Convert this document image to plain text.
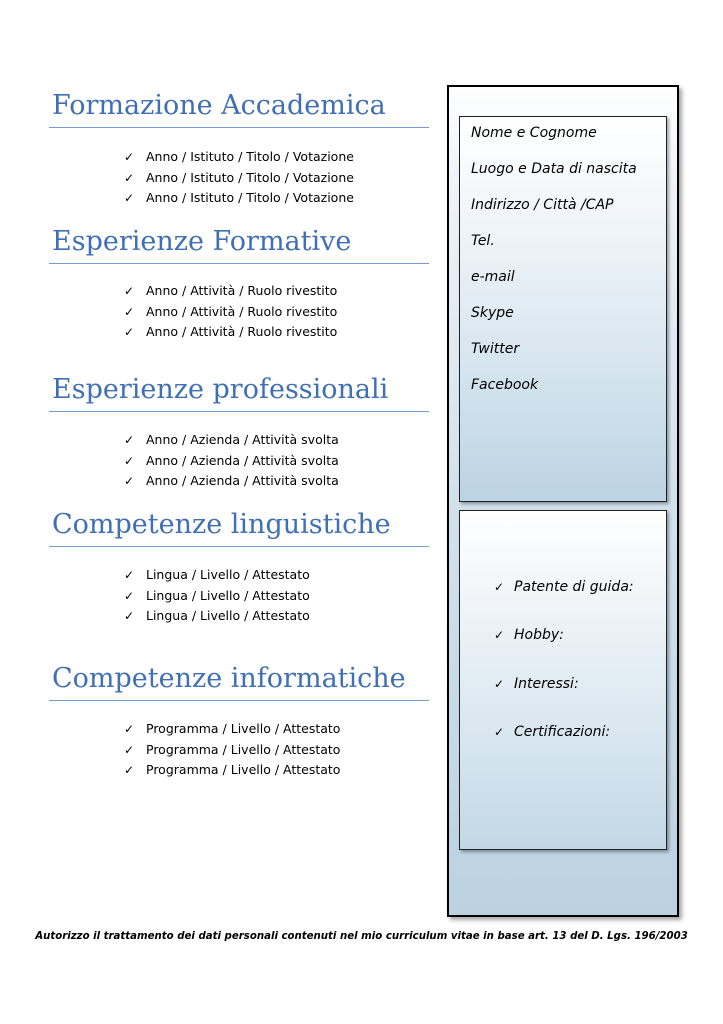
Formazione Accademica
✓ Anno / Istituto / Titolo / Votazione
✓ Anno / Istituto / Titolo / Votazione
✓ Anno / Istituto / Titolo / Votazione
Esperienze Formative
✓ Anno / Attività / Ruolo rivestito
✓ Anno / Attività / Ruolo rivestito
✓ Anno / Attività / Ruolo rivestito
Esperienze professionali
✓ Anno / Azienda / Attività svolta
✓ Anno / Azienda / Attività svolta
✓ Anno / Azienda / Attività svolta
Competenze linguistiche
✓ Lingua / Livello / Attestato
✓ Lingua / Livello / Attestato
✓ Lingua / Livello / Attestato
Competenze informatiche
✓ Programma / Livello / Attestato
✓ Programma / Livello / Attestato
✓ Programma / Livello / Attestato
Nome e Cognome
Luogo e Data di nascita
Indirizzo / Città /CAP
Tel.
e-mail
Skype
Twitter
Facebook
✓ Patente di guida:
✓ Hobby:
✓ Interessi:
✓ Certificazioni:
Autorizzo il trattamento dei dati personali contenuti nel mio curriculum vitae in base art. 13 del D. Lgs. 196/2003
